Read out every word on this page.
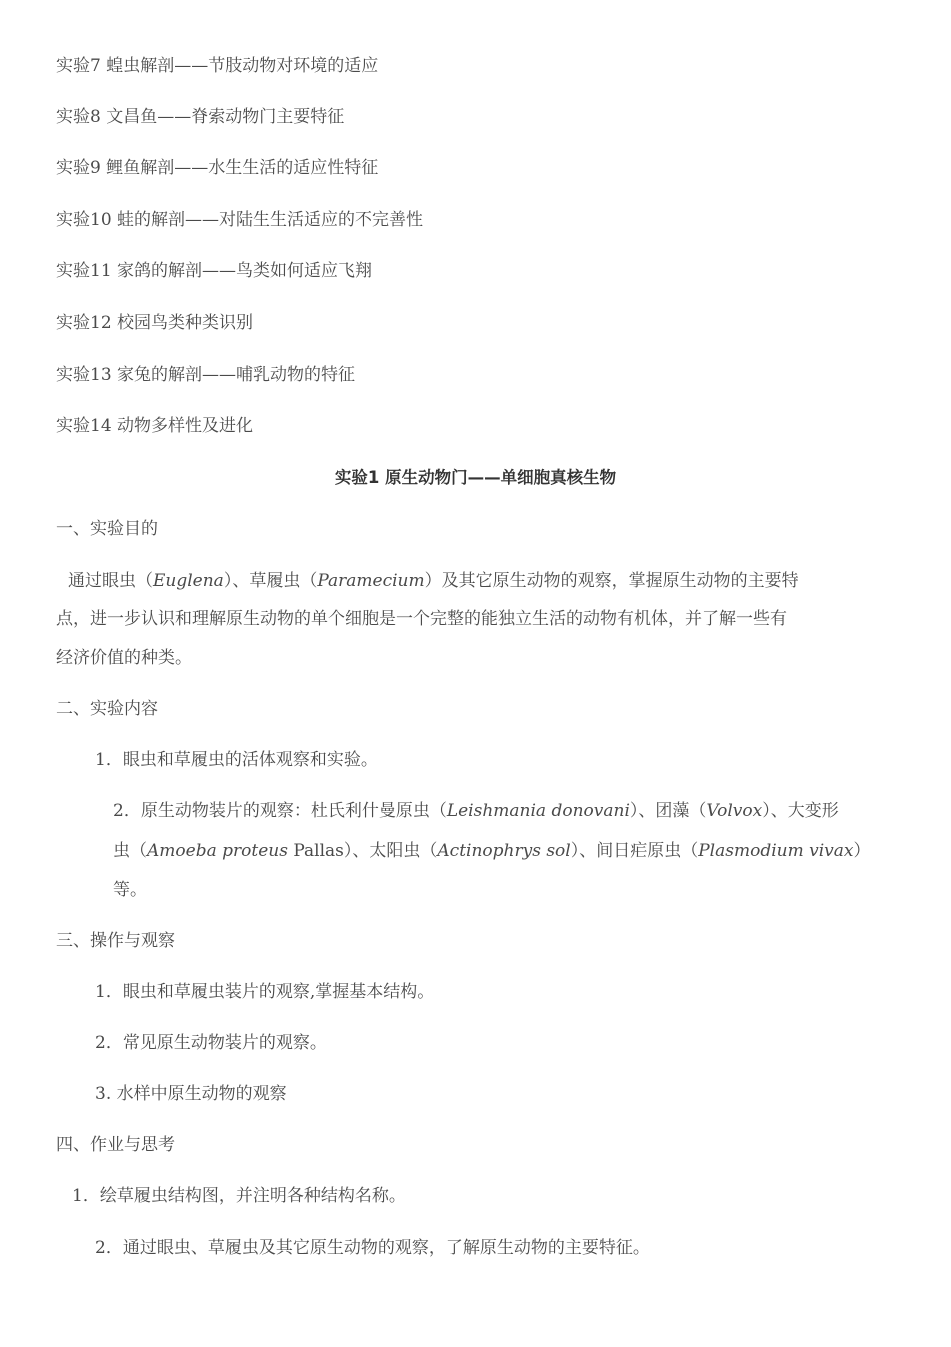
实验7 蝗虫解剖——节肢动物对环境的适应
实验8 文昌鱼——脊索动物门主要特征
实验9 鲤鱼解剖——水生生活的适应性特征
实验10 蛙的解剖——对陆生生活适应的不完善性
实验11 家鸽的解剖——鸟类如何适应飞翔
实验12 校园鸟类种类识别
实验13 家兔的解剖——哺乳动物的特征
实验14 动物多样性及进化
实验1 原生动物门——单细胞真核生物
一、实验目的
通过眼虫（Euglena）、草履虫（Paramecium）及其它原生动物的观察，掌握原生动物的主要特
点，进一步认识和理解原生动物的单个细胞是一个完整的能独立生活的动物有机体，并了解一些有
经济价值的种类。
二、实验内容
1．眼虫和草履虫的活体观察和实验。
2．原生动物装片的观察：杜氏利什曼原虫（Leishmania donovani）、团藻（Volvox）、大变形
虫（Amoeba proteus Pallas）、太阳虫（Actinophrys sol）、间日疟原虫（Plasmodium vivax）
等。
三、操作与观察
1．眼虫和草履虫装片的观察,掌握基本结构。
2．常见原生动物装片的观察。
3. 水样中原生动物的观察
四、作业与思考
1．绘草履虫结构图，并注明各种结构名称。
2．通过眼虫、草履虫及其它原生动物的观察，了解原生动物的主要特征。
